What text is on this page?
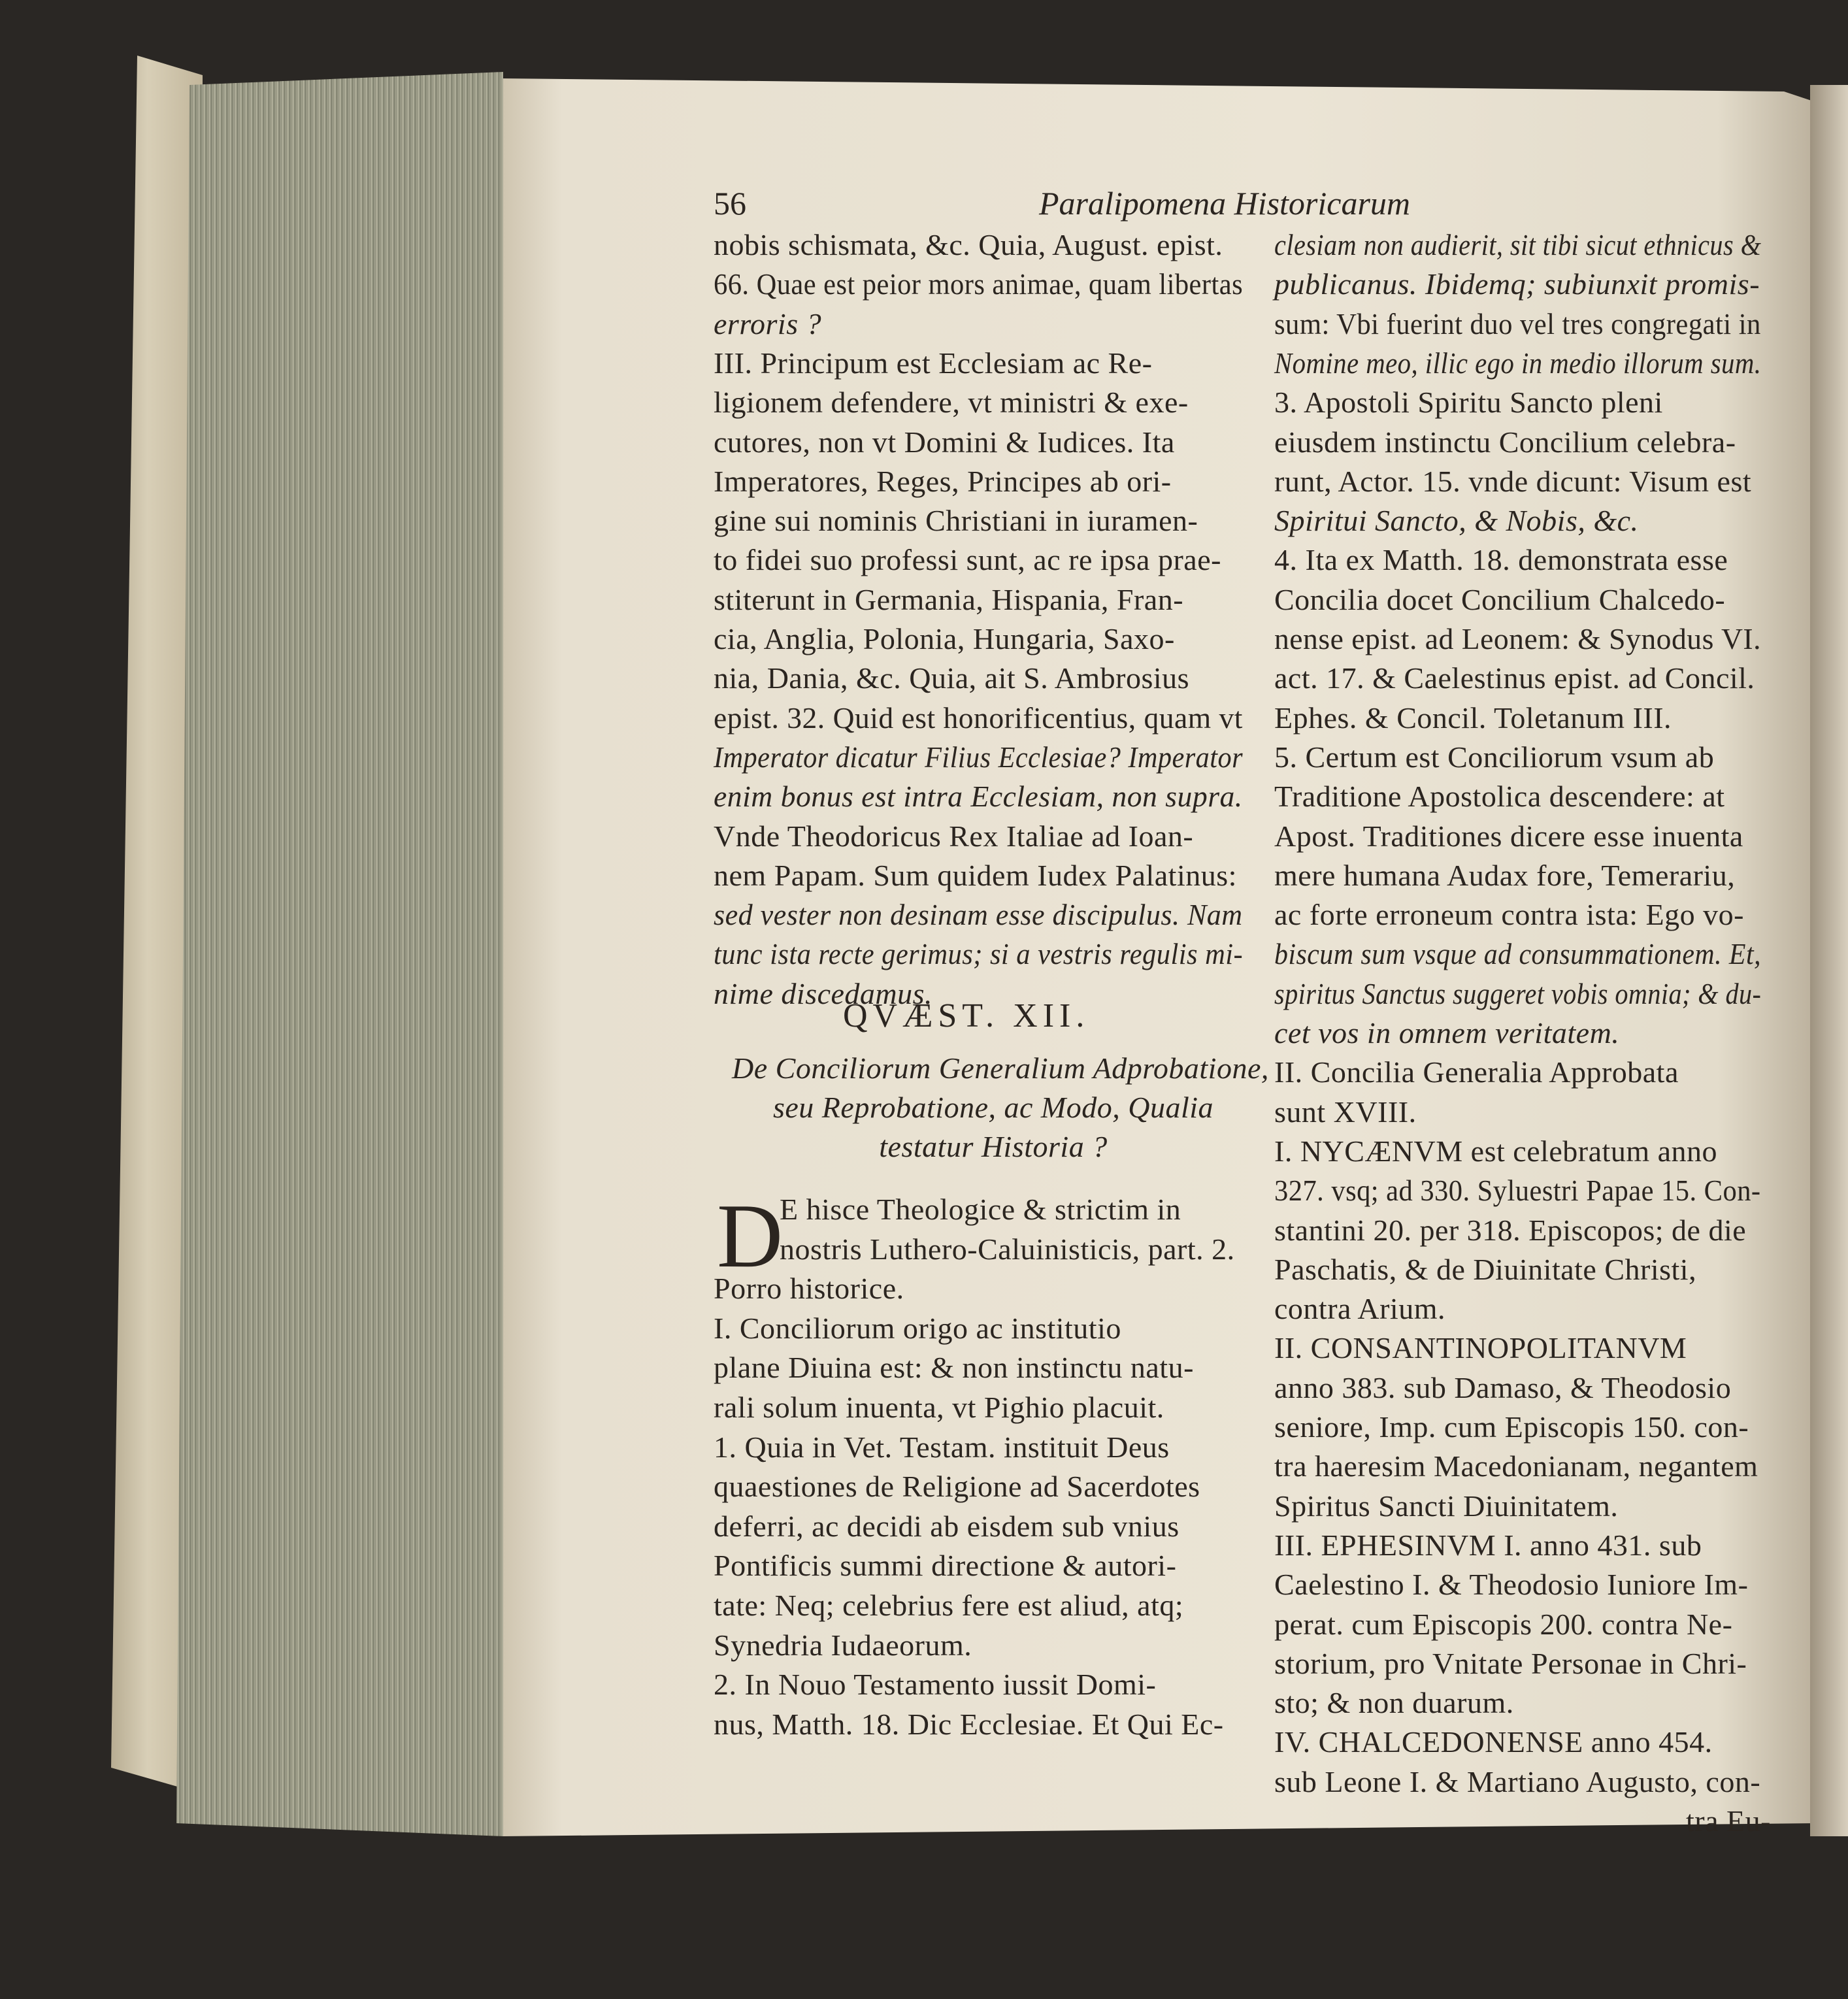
56	Paralipomena Historicarum
QVÆST. XII.
D
tra Eu-
nobis schismata, &c. Quia, August. epist.
66. Quae est peior mors animae, quam libertas
erroris ?
III. Principum est Ecclesiam ac Re-
ligionem defendere, vt ministri & exe-
cutores, non vt Domini & Iudices. Ita
Imperatores, Reges, Principes ab ori-
gine sui nominis Christiani in iuramen-
to fidei suo professi sunt, ac re ipsa prae-
stiterunt in Germania, Hispania, Fran-
cia, Anglia, Polonia, Hungaria, Saxo-
nia, Dania, &c. Quia, ait S. Ambrosius
epist. 32. Quid est honorificentius, quam vt
Imperator dicatur Filius Ecclesiae? Imperator
enim bonus est intra Ecclesiam, non supra.
Vnde Theodoricus Rex Italiae ad Ioan-
nem Papam. Sum quidem Iudex Palatinus:
sed vester non desinam esse discipulus. Nam
tunc ista recte gerimus; si a vestris regulis mi-
nime discedamus.
De Conciliorum Generalium Adprobatione,
seu Reprobatione, ac Modo, Qualia
testatur Historia ?
E hisce Theologice & strictim in
nostris Luthero-Caluinisticis, part. 2.
Porro historice.
I. Conciliorum origo ac institutio
plane Diuina est: & non instinctu natu-
rali solum inuenta, vt Pighio placuit.
1. Quia in Vet. Testam. instituit Deus
quaestiones de Religione ad Sacerdotes
deferri, ac decidi ab eisdem sub vnius
Pontificis summi directione & autori-
tate: Neq; celebrius fere est aliud, atq;
Synedria Iudaeorum.
2. In Nouo Testamento iussit Domi-
nus, Matth. 18. Dic Ecclesiae. Et Qui Ec-
clesiam non audierit, sit tibi sicut ethnicus &
publicanus. Ibidemq; subiunxit promis-
sum: Vbi fuerint duo vel tres congregati in
Nomine meo, illic ego in medio illorum sum.
3. Apostoli Spiritu Sancto pleni
eiusdem instinctu Concilium celebra-
runt, Actor. 15. vnde dicunt: Visum est
Spiritui Sancto, & Nobis, &c.
4. Ita ex Matth. 18. demonstrata esse
Concilia docet Concilium Chalcedo-
nense epist. ad Leonem: & Synodus VI.
act. 17. & Caelestinus epist. ad Concil.
Ephes. & Concil. Toletanum III.
5. Certum est Conciliorum vsum ab
Traditione Apostolica descendere: at
Apost. Traditiones dicere esse inuenta
mere humana Audax fore, Temerariu,
ac forte erroneum contra ista: Ego vo-
biscum sum vsque ad consummationem. Et,
spiritus Sanctus suggeret vobis omnia; & du-
cet vos in omnem veritatem.
II. Concilia Generalia Approbata
sunt XVIII.
I. NYCÆNVM est celebratum anno
327. vsq; ad 330. Syluestri Papae 15. Con-
stantini 20. per 318. Episcopos; de die
Paschatis, & de Diuinitate Christi,
contra Arium.
II. CONSANTINOPOLITANVM
anno 383. sub Damaso, & Theodosio
seniore, Imp. cum Episcopis 150. con-
tra haeresim Macedonianam, negantem
Spiritus Sancti Diuinitatem.
III. EPHESINVM I. anno 431. sub
Caelestino I. & Theodosio Iuniore Im-
perat. cum Episcopis 200. contra Ne-
storium, pro Vnitate Personae in Chri-
sto; & non duarum.
IV. CHALCEDONENSE anno 454.
sub Leone I. & Martiano Augusto, con-
